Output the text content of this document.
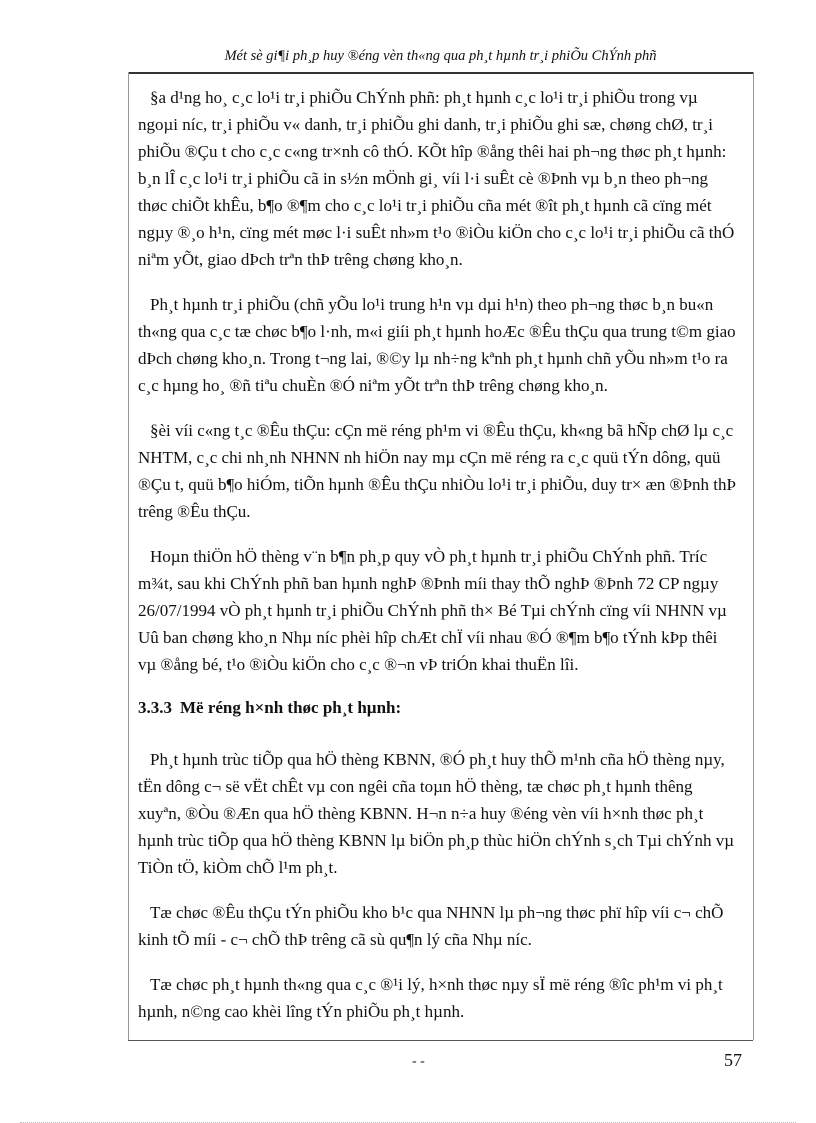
Mét sè gi¶i ph¸p huy ®éng vèn th«ng qua ph¸t hµnh tr¸i phiÕu ChÝnh phñ

§a d¹ng ho¸ c¸c lo¹i tr¸i phiÕu ChÝnh phñ: ph¸t hµnh c¸c lo¹i tr¸i phiÕu trong vµ ngoµi níc, tr¸i phiÕu v« danh, tr¸i phiÕu ghi danh, tr¸i phiÕu ghi sæ, chøng chØ, tr¸i phiÕu ®Çu t cho c¸c c«ng tr×nh cô thÓ. KÕt hîp ®ång thêi hai ph¬ng thøc ph¸t hµnh: b¸n lÎ c¸c lo¹i tr¸i phiÕu cã in s½n mÖnh gi¸ víi l·i suÊt cè ®Þnh vµ b¸n theo ph¬ng thøc chiÕt khÊu, b¶o ®¶m cho c¸c lo¹i tr¸i phiÕu cña mét ®ît ph¸t hµnh cã cïng mét ngµy ®¸o h¹n, cïng mét møc l·i suÊt nh»m t¹o ®iÒu kiÖn cho c¸c lo¹i tr¸i phiÕu cã thÓ niªm yÕt, giao dÞch trªn thÞ trêng chøng kho¸n.

Ph¸t hµnh tr¸i phiÕu (chñ yÕu lo¹i trung h¹n vµ dµi h¹n) theo ph¬ng thøc b¸n bu«n th«ng qua c¸c tæ chøc b¶o l·nh, m«i giíi ph¸t hµnh hoÆc ®Êu thÇu qua trung t©m giao dÞch chøng kho¸n. Trong t¬ng lai, ®©y lµ nh÷ng kªnh ph¸t hµnh chñ yÕu nh»m t¹o ra c¸c hµng ho¸ ®ñ tiªu chuÈn ®Ó niªm yÕt trªn thÞ trêng chøng kho¸n.

§èi víi c«ng t¸c ®Êu thÇu: cÇn më réng ph¹m vi ®Êu thÇu, kh«ng bã hÑp chØ lµ c¸c NHTM, c¸c chi nh¸nh NHNN nh hiÖn nay mµ cÇn më réng ra c¸c quü tÝn dông, quü ®Çu t, quü b¶o hiÓm, tiÕn hµnh ®Êu thÇu nhiÒu lo¹i tr¸i phiÕu, duy tr× æn ®Þnh thÞ trêng ®Êu thÇu.

Hoµn thiÖn hÖ thèng v¨n b¶n ph¸p quy vÒ ph¸t hµnh tr¸i phiÕu ChÝnh phñ. Tríc m¾t, sau khi ChÝnh phñ ban hµnh nghÞ ®Þnh míi thay thÕ nghÞ ®Þnh 72 CP ngµy 26/07/1994 vÒ ph¸t hµnh tr¸i phiÕu ChÝnh phñ th× Bé Tµi chÝnh cïng víi NHNN vµ Uû ban chøng kho¸n Nhµ níc phèi hîp chÆt chÏ víi nhau ®Ó ®¶m b¶o tÝnh kÞp thêi vµ ®ång bé, t¹o ®iÒu kiÖn cho c¸c ®¬n vÞ triÓn khai thuËn lîi.

3.3.3 Më réng h×nh thøc ph¸t hµnh:

Ph¸t hµnh trùc tiÕp qua hÖ thèng KBNN, ®Ó ph¸t huy thÕ m¹nh cña hÖ thèng nµy, tËn dông c¬ së vËt chÊt vµ con ngêi cña toµn hÖ thèng, tæ chøc ph¸t hµnh thêng xuyªn, ®Òu ®Æn qua hÖ thèng KBNN. H¬n n÷a huy ®éng vèn víi h×nh thøc ph¸t hµnh trùc tiÕp qua hÖ thèng KBNN lµ biÖn ph¸p thùc hiÖn chÝnh s¸ch Tµi chÝnh vµ TiÒn tÖ, kiÒm chÕ l¹m ph¸t.

Tæ chøc ®Êu thÇu tÝn phiÕu kho b¹c qua NHNN lµ ph¬ng thøc phï hîp víi c¬ chÕ kinh tÕ míi - c¬ chÕ thÞ trêng cã sù qu¶n lý cña Nhµ níc.

Tæ chøc ph¸t hµnh th«ng qua c¸c ®¹i lý, h×nh thøc nµy sÏ më réng ®îc ph¹m vi ph¸t hµnh, n©ng cao khèi lîng tÝn phiÕu ph¸t hµnh.

- -	57
